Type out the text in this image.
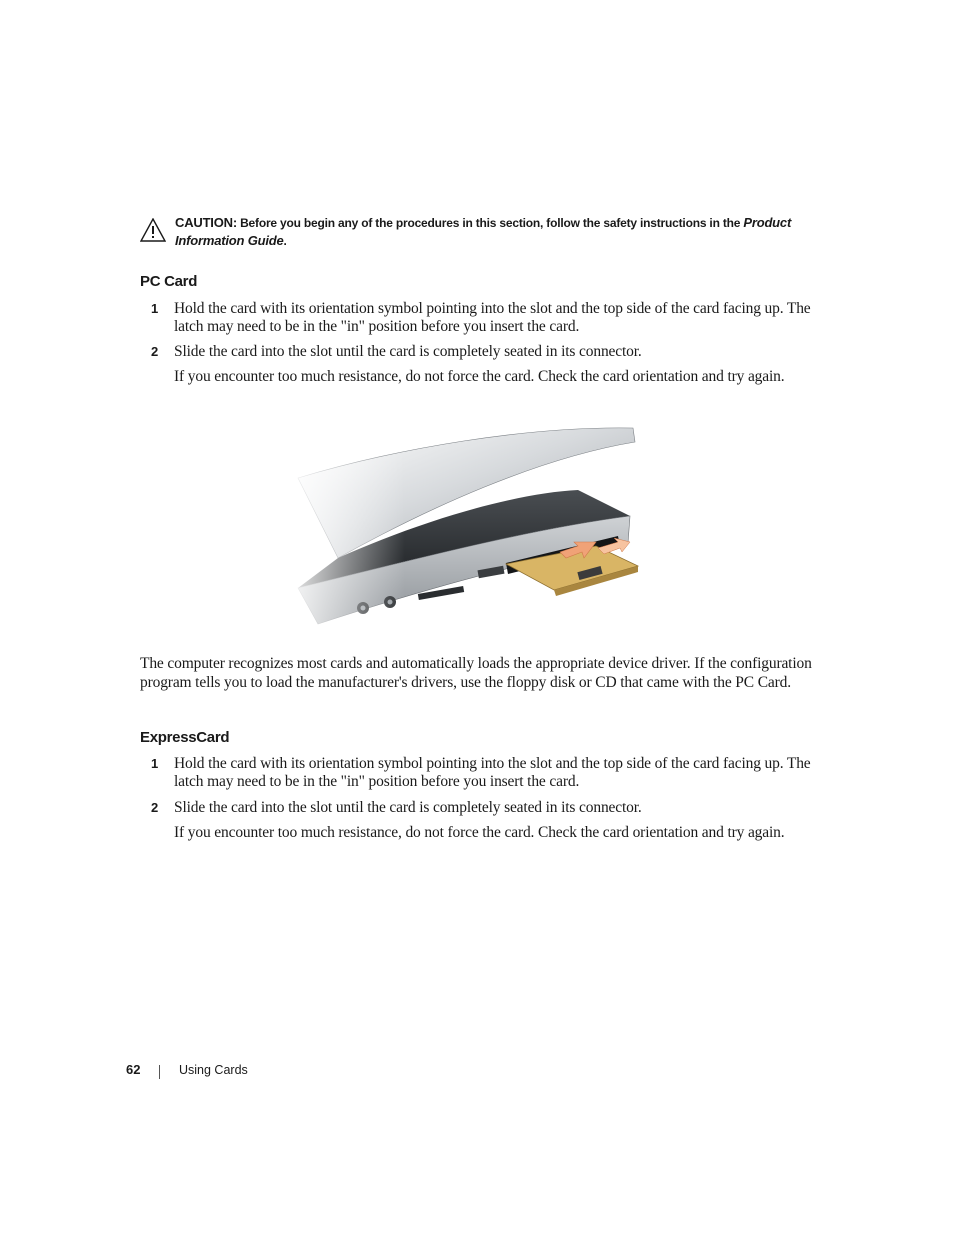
CAUTION: Before you begin any of the procedures in this section, follow the safety instructions in the Product
Information Guide.
PC Card
1 Hold the card with its orientation symbol pointing into the slot and the top side of the card facing up. The latch may need to be in the "in" position before you insert the card.
2 Slide the card into the slot until the card is completely seated in its connector.
If you encounter too much resistance, do not force the card. Check the card orientation and try again.
The computer recognizes most cards and automatically loads the appropriate device driver. If the configuration program tells you to load the manufacturer's drivers, use the floppy disk or CD that came with the PC Card.
ExpressCard
1 Hold the card with its orientation symbol pointing into the slot and the top side of the card facing up. The latch may need to be in the "in" position before you insert the card.
2 Slide the card into the slot until the card is completely seated in its connector.
If you encounter too much resistance, do not force the card. Check the card orientation and try again.
62	Using Cards
